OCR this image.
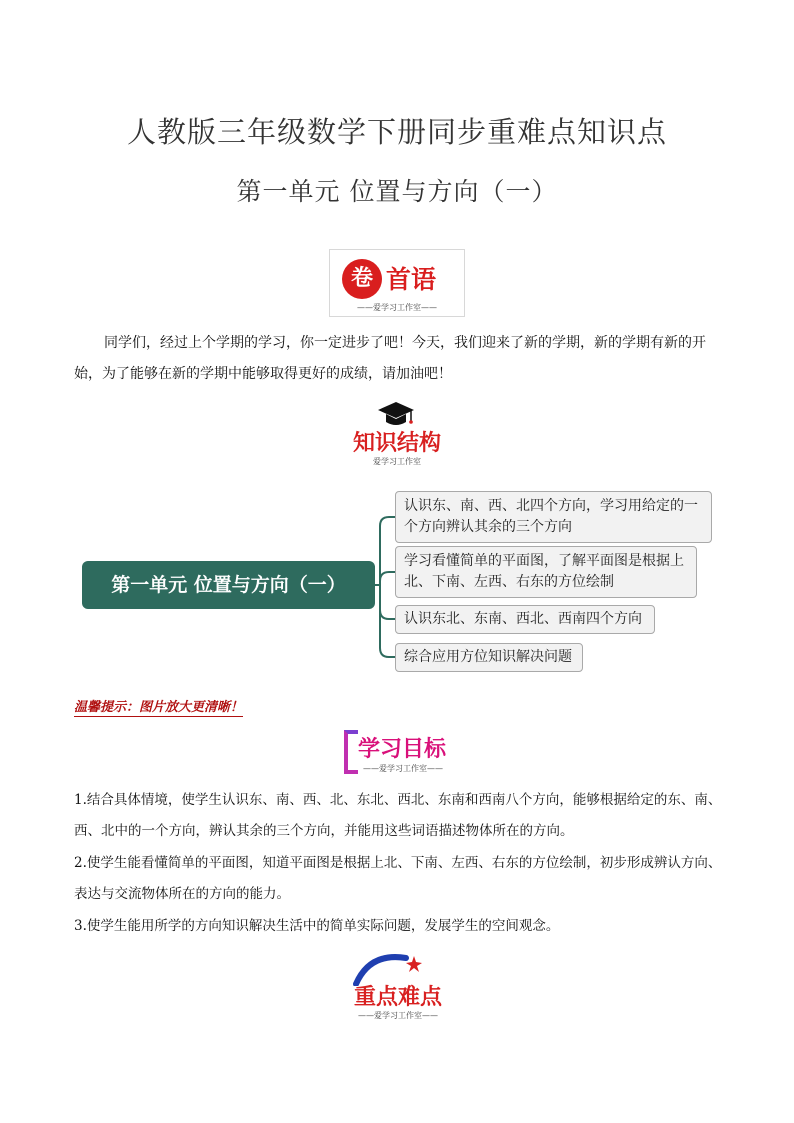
人教版三年级数学下册同步重难点知识点
第一单元 位置与方向（一）
卷 首语
——爱学习工作室——
同学们，经过上个学期的学习，你一定进步了吧！今天，我们迎来了新的学期，新的学期有新的开始，为了能够在新的学期中能够取得更好的成绩，请加油吧！
知识结构
爱学习工作室
第一单元 位置与方向（一）
认识东、南、西、北四个方向，学习用给定的一个方向辨认其余的三个方向
学习看懂简单的平面图，了解平面图是根据上北、下南、左西、右东的方位绘制
认识东北、东南、西北、西南四个方向
综合应用方位知识解决问题
温馨提示：图片放大更清晰！
学习目标
——爱学习工作室——
1.结合具体情境，使学生认识东、南、西、北、东北、西北、东南和西南八个方向，能够根据给定的东、南、西、北中的一个方向，辨认其余的三个方向，并能用这些词语描述物体所在的方向。
2.使学生能看懂简单的平面图，知道平面图是根据上北、下南、左西、右东的方位绘制，初步形成辨认方向、表达与交流物体所在的方向的能力。
3.使学生能用所学的方向知识解决生活中的简单实际问题，发展学生的空间观念。
重点难点
——爱学习工作室——
